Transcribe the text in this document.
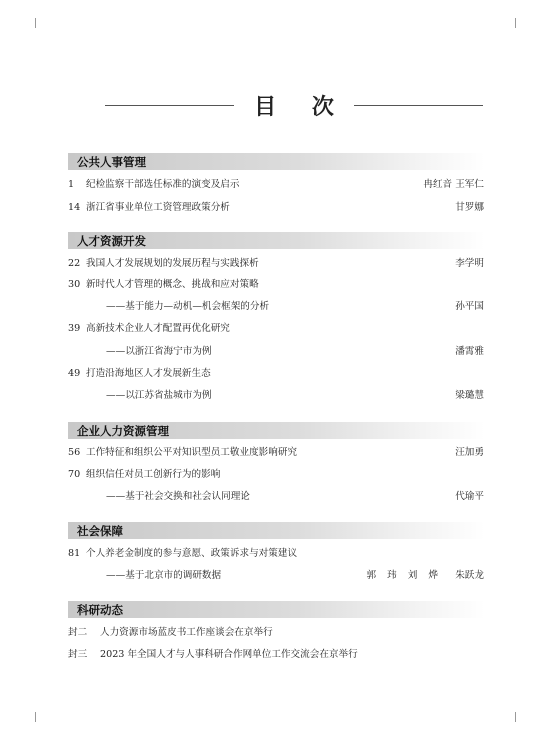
目 次
公共人事管理
1 纪检监察干部选任标准的演变及启示	冉红音 王军仁
14 浙江省事业单位工资管理政策分析	甘罗娜
人才资源开发
22 我国人才发展规划的发展历程与实践探析	李学明
30 新时代人才管理的概念、挑战和应对策略
——基于能力—动机—机会框架的分析	孙平国
39 高新技术企业人才配置再优化研究
——以浙江省海宁市为例	潘霄雅
49 打造沿海地区人才发展新生态
——以江苏省盐城市为例	梁璐慧
企业人力资源管理
56 工作特征和组织公平对知识型员工敬业度影响研究	汪加勇
70 组织信任对员工创新行为的影响
——基于社会交换和社会认同理论	代瑜平
社会保障
81 个人养老金制度的参与意愿、政策诉求与对策建议
——基于北京市的调研数据	郭 玮 刘 烨 朱跃龙
科研动态
封二 人力资源市场蓝皮书工作座谈会在京举行
封三 2023 年全国人才与人事科研合作网单位工作交流会在京举行
